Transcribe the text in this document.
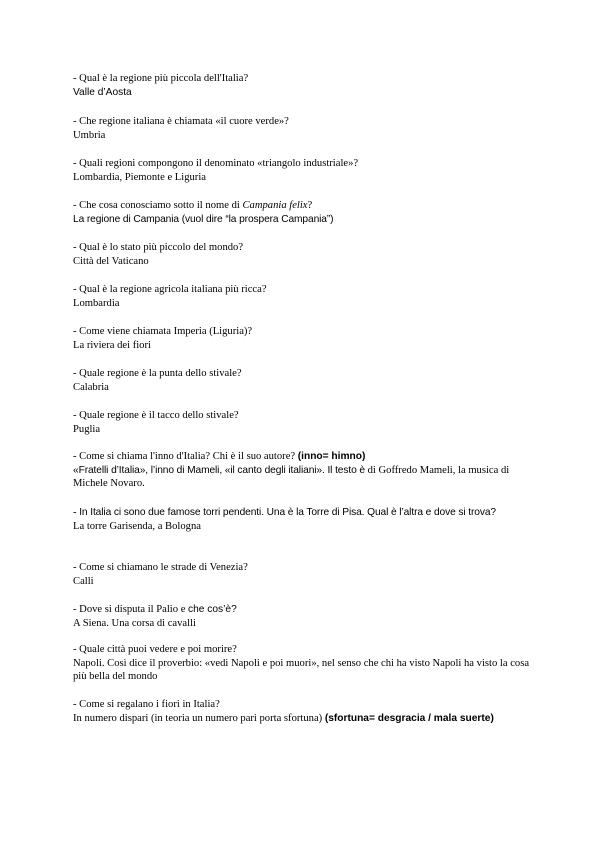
- Qual è la regione più piccola dell'Italia?

Valle d’Aosta

- Che regione italiana è chiamata «il cuore verde»?

Umbria

- Quali regioni compongono il denominato «triangolo industriale»?

Lombardia, Piemonte e Liguria

- Che cosa conosciamo sotto il nome di Campania felix?

La regione di Campania (vuol dire “la prospera Campania”)

- Qual è lo stato più piccolo del mondo?

Città del Vaticano

- Qual è la regione agricola italiana più ricca?

Lombardia

- Come viene chiamata Imperia (Liguria)?

La riviera dei fiori

- Quale regione è la punta dello stivale?

Calabria

- Quale regione è il tacco dello stivale?

Puglia

- Come si chiama l'inno d'Italia? Chi è il suo autore? (inno= himno)

«Fratelli d’Italia», l’inno di Mameli, «il canto degli italiani». Il testo è di Goffredo Mameli, la musica di Michele Novaro.

- In Italia ci sono due famose torri pendenti. Una è la Torre di Pisa. Qual è l’altra e dove si trova?

La torre Garisenda, a Bologna

- Come si chiamano le strade di Venezia?

Calli

- Dove si disputa il Palio e che cos’è?

A Siena. Una corsa di cavalli

- Quale città puoi vedere e poi morire?

Napoli. Così dice il proverbio: «vedi Napoli e poi muori», nel senso che chi ha visto Napoli ha visto la cosa più bella del mondo

- Come si regalano i fiori in Italia?

In numero dispari (in teoria un numero pari porta sfortuna) (sfortuna= desgracia / mala suerte)
